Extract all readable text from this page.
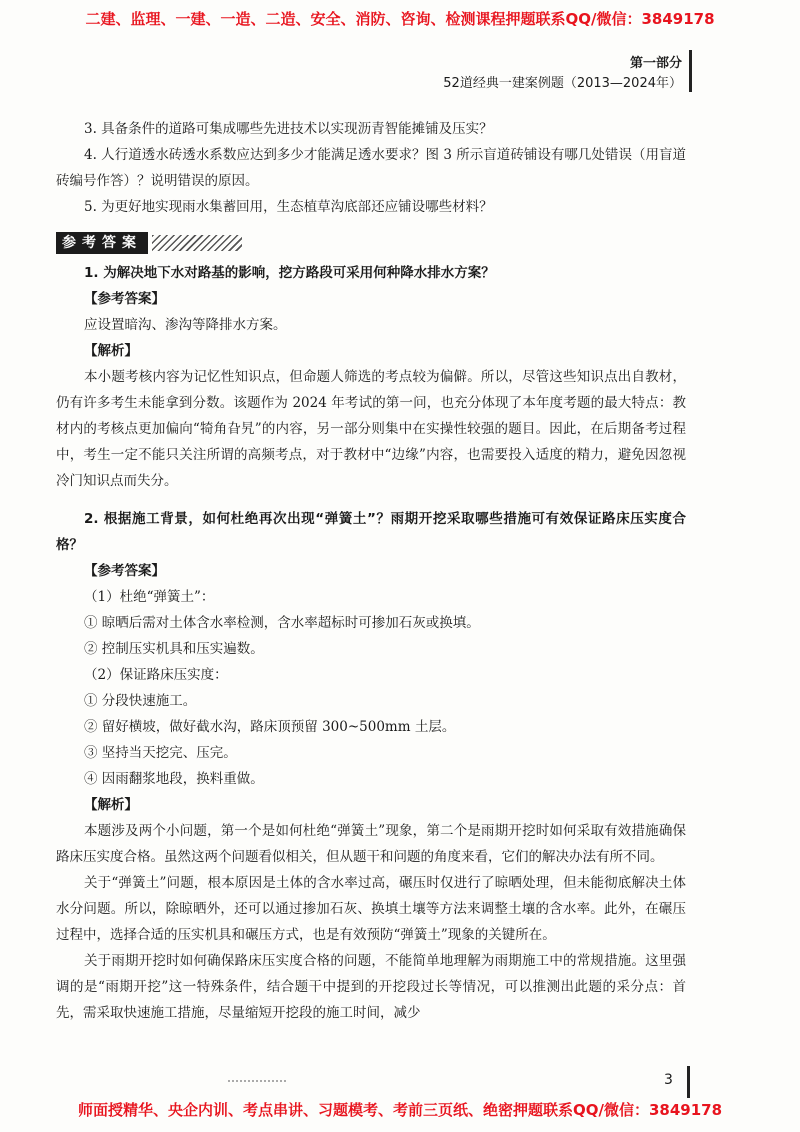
二建、监理、一建、一造、二造、安全、消防、咨询、检测课程押题联系QQ/微信：3849178
第一部分
52道经典一建案例题（2013—2024年）

3. 具备条件的道路可集成哪些先进技术以实现沥青智能摊铺及压实？

4. 人行道透水砖透水系数应达到多少才能满足透水要求？图 3 所示盲道砖铺设有哪几处错误（用盲道砖编号作答）？说明错误的原因。

5. 为更好地实现雨水集蓄回用，生态植草沟底部还应铺设哪些材料？

参考答案

1. 为解决地下水对路基的影响，挖方路段可采用何种降水排水方案？

【参考答案】

应设置暗沟、渗沟等降排水方案。

【解析】

本小题考核内容为记忆性知识点，但命题人筛选的考点较为偏僻。所以，尽管这些知识点出自教材，仍有许多考生未能拿到分数。该题作为 2024 年考试的第一问，也充分体现了本年度考题的最大特点：教材内的考核点更加偏向“犄角旮旯”的内容，另一部分则集中在实操性较强的题目。因此，在后期备考过程中，考生一定不能只关注所谓的高频考点，对于教材中“边缘”内容，也需要投入适度的精力，避免因忽视冷门知识点而失分。

2. 根据施工背景，如何杜绝再次出现“弹簧土”？雨期开挖采取哪些措施可有效保证路床压实度合格？

【参考答案】

（1）杜绝“弹簧土”：

① 晾晒后需对土体含水率检测，含水率超标时可掺加石灰或换填。

② 控制压实机具和压实遍数。

（2）保证路床压实度：

① 分段快速施工。

② 留好横坡，做好截水沟，路床顶预留 300~500mm 土层。

③ 坚持当天挖完、压完。

④ 因雨翻浆地段，换料重做。

【解析】

本题涉及两个小问题，第一个是如何杜绝“弹簧土”现象，第二个是雨期开挖时如何采取有效措施确保路床压实度合格。虽然这两个问题看似相关，但从题干和问题的角度来看，它们的解决办法有所不同。

关于“弹簧土”问题，根本原因是土体的含水率过高，碾压时仅进行了晾晒处理，但未能彻底解决土体水分问题。所以，除晾晒外，还可以通过掺加石灰、换填土壤等方法来调整土壤的含水率。此外，在碾压过程中，选择合适的压实机具和碾压方式，也是有效预防“弹簧土”现象的关键所在。

关于雨期开挖时如何确保路床压实度合格的问题，不能简单地理解为雨期施工中的常规措施。这里强调的是“雨期开挖”这一特殊条件，结合题干中提到的开挖段过长等情况，可以推测出此题的采分点：首先，需采取快速施工措施，尽量缩短开挖段的施工时间，减少

3
师面授精华、央企内训、考点串讲、习题模考、考前三页纸、绝密押题联系QQ/微信：3849178
